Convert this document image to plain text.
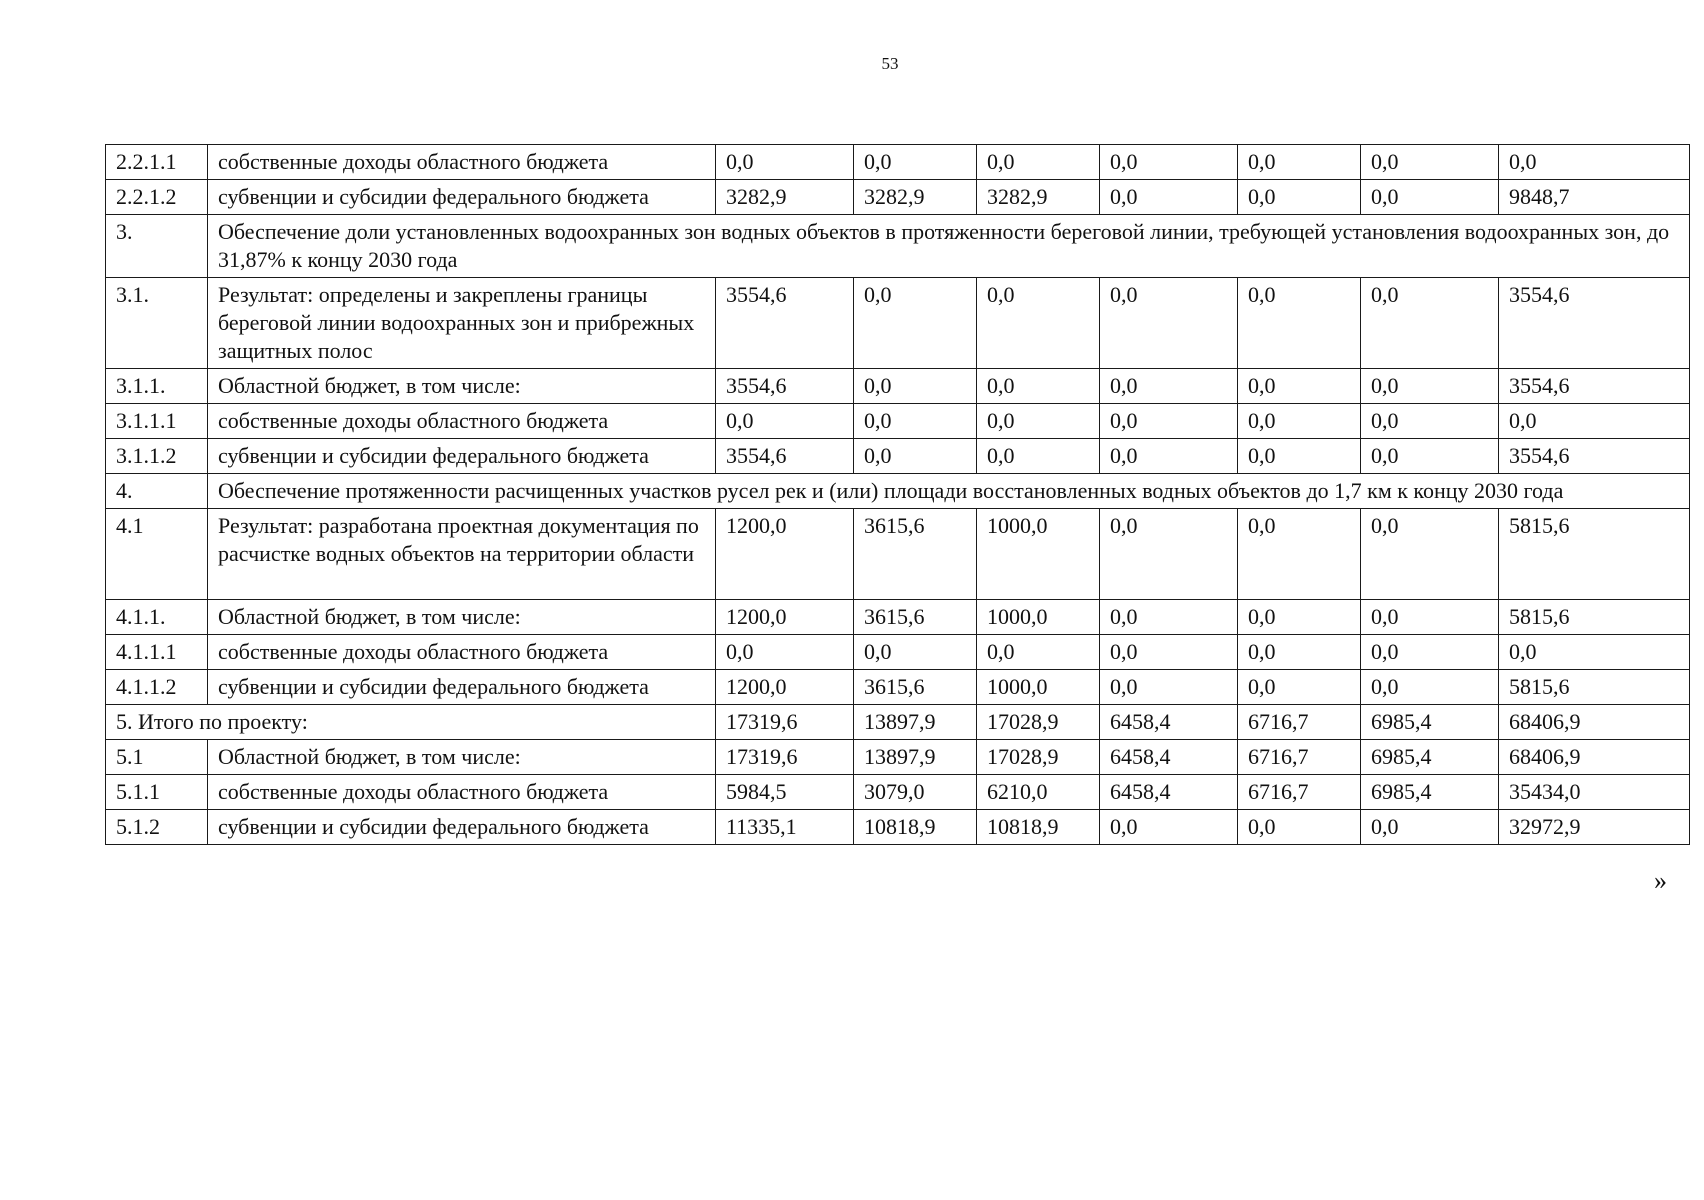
53
2.2.1.1	собственные доходы областного бюджета	0,0	0,0	0,0	0,0	0,0	0,0	0,0
2.2.1.2	субвенции и субсидии федерального бюджета	3282,9	3282,9	3282,9	0,0	0,0	0,0	9848,7
3.	Обеспечение доли установленных водоохранных зон водных объектов в протяженности береговой линии, требующей установления водоохранных зон, до 31,87% к концу 2030 года							
3.1.	Результат: определены и закреплены границы береговой линии водоохранных зон и прибрежных защитных полос	3554,6	0,0	0,0	0,0	0,0	0,0	3554,6
3.1.1.	Областной бюджет, в том числе:	3554,6	0,0	0,0	0,0	0,0	0,0	3554,6
3.1.1.1	собственные доходы областного бюджета	0,0	0,0	0,0	0,0	0,0	0,0	0,0
3.1.1.2	субвенции и субсидии федерального бюджета	3554,6	0,0	0,0	0,0	0,0	0,0	3554,6
4.	Обеспечение протяженности расчищенных участков русел рек и (или) площади восстановленных водных объектов до 1,7 км к концу 2030 года							
4.1	Результат: разработана проектная документация по расчистке водных объектов на территории области	1200,0	3615,6	1000,0	0,0	0,0	0,0	5815,6
4.1.1.	Областной бюджет, в том числе:	1200,0	3615,6	1000,0	0,0	0,0	0,0	5815,6
4.1.1.1	собственные доходы областного бюджета	0,0	0,0	0,0	0,0	0,0	0,0	0,0
4.1.1.2	субвенции и субсидии федерального бюджета	1200,0	3615,6	1000,0	0,0	0,0	0,0	5815,6
5. Итого по проекту:		17319,6	13897,9	17028,9	6458,4	6716,7	6985,4	68406,9
5.1	Областной бюджет, в том числе:	17319,6	13897,9	17028,9	6458,4	6716,7	6985,4	68406,9
5.1.1	собственные доходы областного бюджета	5984,5	3079,0	6210,0	6458,4	6716,7	6985,4	35434,0
5.1.2	субвенции и субсидии федерального бюджета	11335,1	10818,9	10818,9	0,0	0,0	0,0	32972,9
»
